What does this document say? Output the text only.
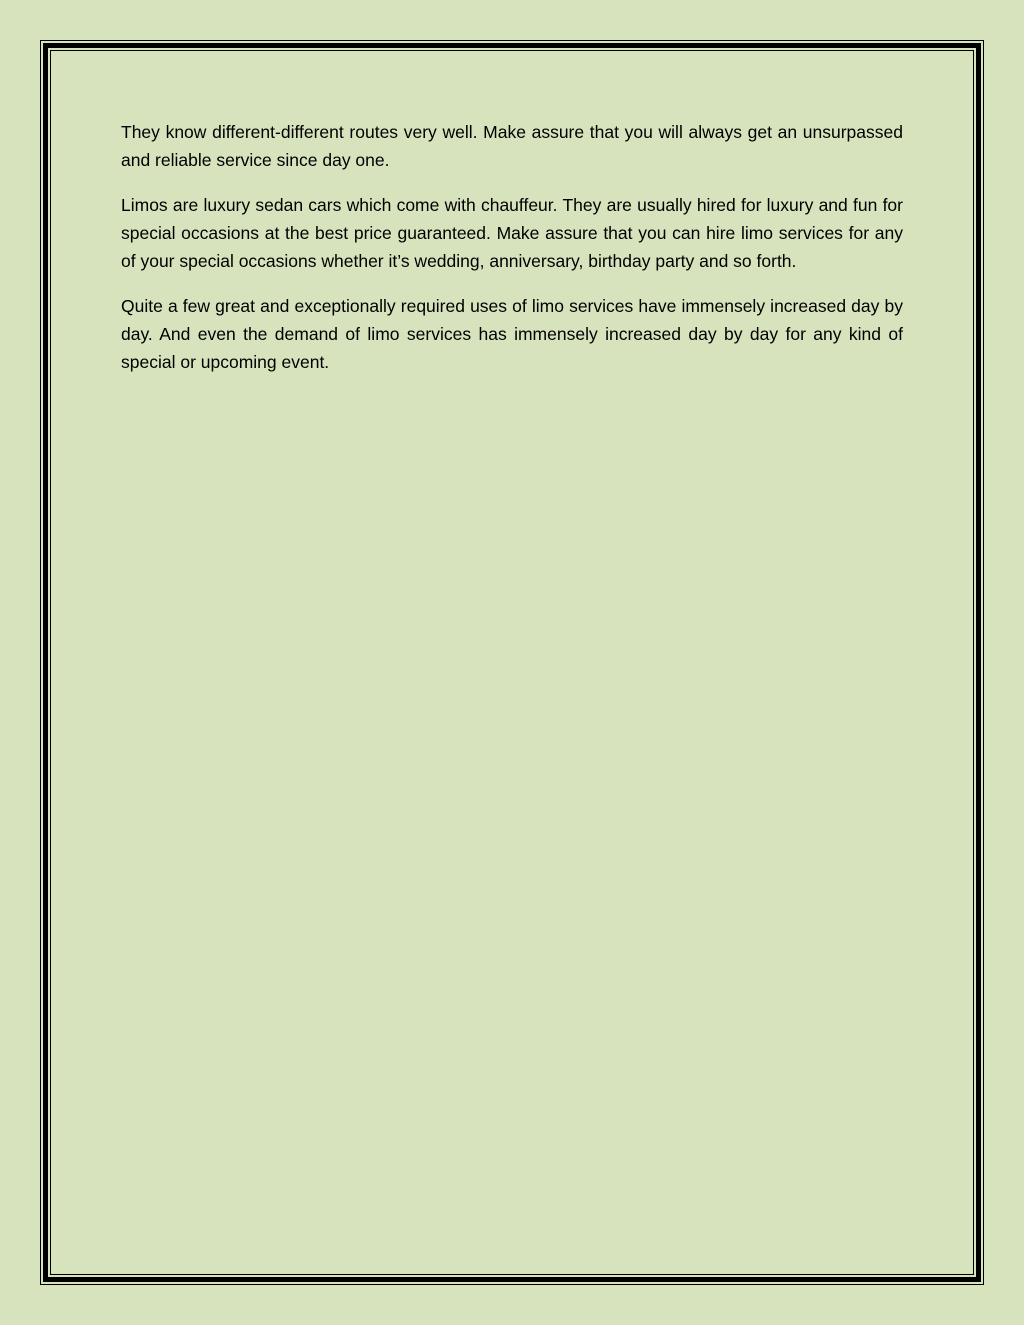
They know different-different routes very well. Make assure that you will always get an unsurpassed and reliable service since day one.

Limos are luxury sedan cars which come with chauffeur. They are usually hired for luxury and fun for special occasions at the best price guaranteed. Make assure that you can hire limo services for any of your special occasions whether it’s wedding, anniversary, birthday party and so forth.

Quite a few great and exceptionally required uses of limo services have immensely increased day by day. And even the demand of limo services has immensely increased day by day for any kind of special or upcoming event.
